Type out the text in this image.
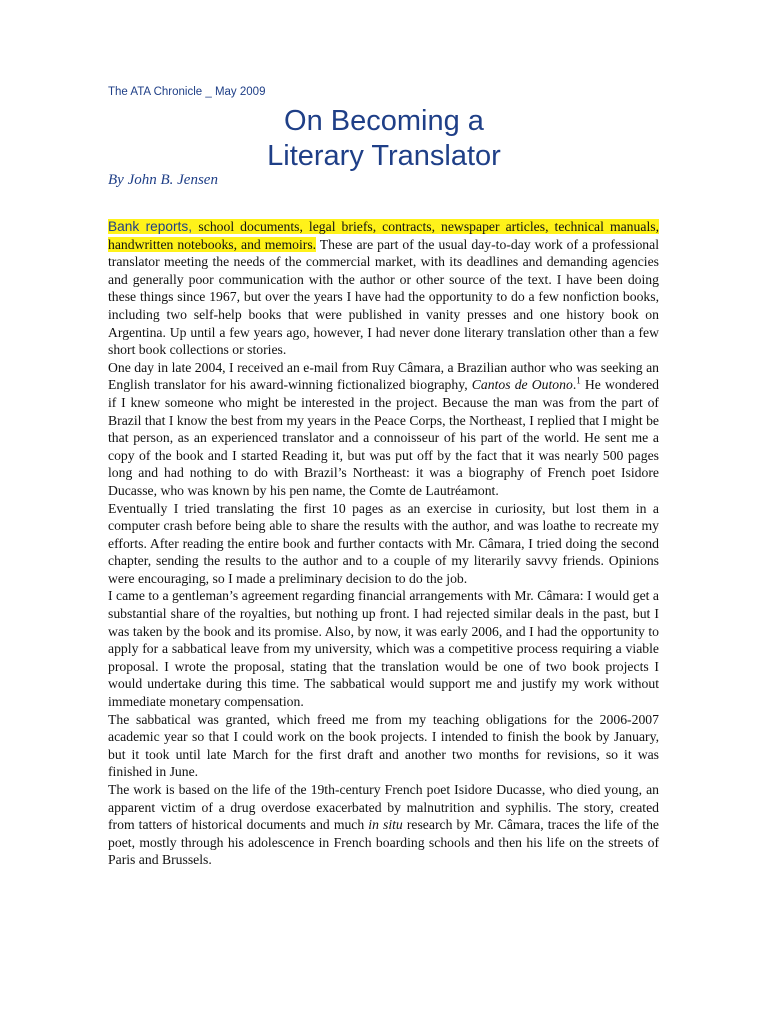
The ATA Chronicle _ May 2009
On Becoming a
Literary Translator
By John B. Jensen

Bank reports, school documents, legal briefs, contracts, newspaper articles, technical manuals, handwritten notebooks, and memoirs. These are part of the usual day-to-day work of a professional translator meeting the needs of the commercial market, with its deadlines and demanding agencies and generally poor communication with the author or other source of the text. I have been doing these things since 1967, but over the years I have had the opportunity to do a few nonfiction books, including two self-help books that were published in vanity presses and one history book on Argentina. Up until a few years ago, however, I had never done literary translation other than a few short book collections or stories.

One day in late 2004, I received an e-mail from Ruy Câmara, a Brazilian author who was seeking an English translator for his award-winning fictionalized biography, Cantos de Outono.$^1$ He wondered if I knew someone who might be interested in the project. Because the man was from the part of Brazil that I know the best from my years in the Peace Corps, the Northeast, I replied that I might be that person, as an experienced translator and a connoisseur of his part of the world. He sent me a copy of the book and I started Reading it, but was put off by the fact that it was nearly 500 pages long and had nothing to do with Brazil’s Northeast: it was a biography of French poet Isidore Ducasse, who was known by his pen name, the Comte de Lautréamont.

Eventually I tried translating the first 10 pages as an exercise in curiosity, but lost them in a computer crash before being able to share the results with the author, and was loathe to recreate my efforts. After reading the entire book and further contacts with Mr. Câmara, I tried doing the second chapter, sending the results to the author and to a couple of my literarily savvy friends. Opinions were encouraging, so I made a preliminary decision to do the job.

I came to a gentleman’s agreement regarding financial arrangements with Mr. Câmara: I would get a substantial share of the royalties, but nothing up front. I had rejected similar deals in the past, but I was taken by the book and its promise. Also, by now, it was early 2006, and I had the opportunity to apply for a sabbatical leave from my university, which was a competitive process requiring a viable proposal. I wrote the proposal, stating that the translation would be one of two book projects I would undertake during this time. The sabbatical would support me and justify my work without immediate monetary compensation.

The sabbatical was granted, which freed me from my teaching obligations for the 2006-2007 academic year so that I could work on the book projects. I intended to finish the book by January, but it took until late March for the first draft and another two months for revisions, so it was finished in June.

The work is based on the life of the 19th-century French poet Isidore Ducasse, who died young, an apparent victim of a drug overdose exacerbated by malnutrition and syphilis. The story, created from tatters of historical documents and much in situ research by Mr. Câmara, traces the life of the poet, mostly through his adolescence in French boarding schools and then his life on the streets of Paris and Brussels.
